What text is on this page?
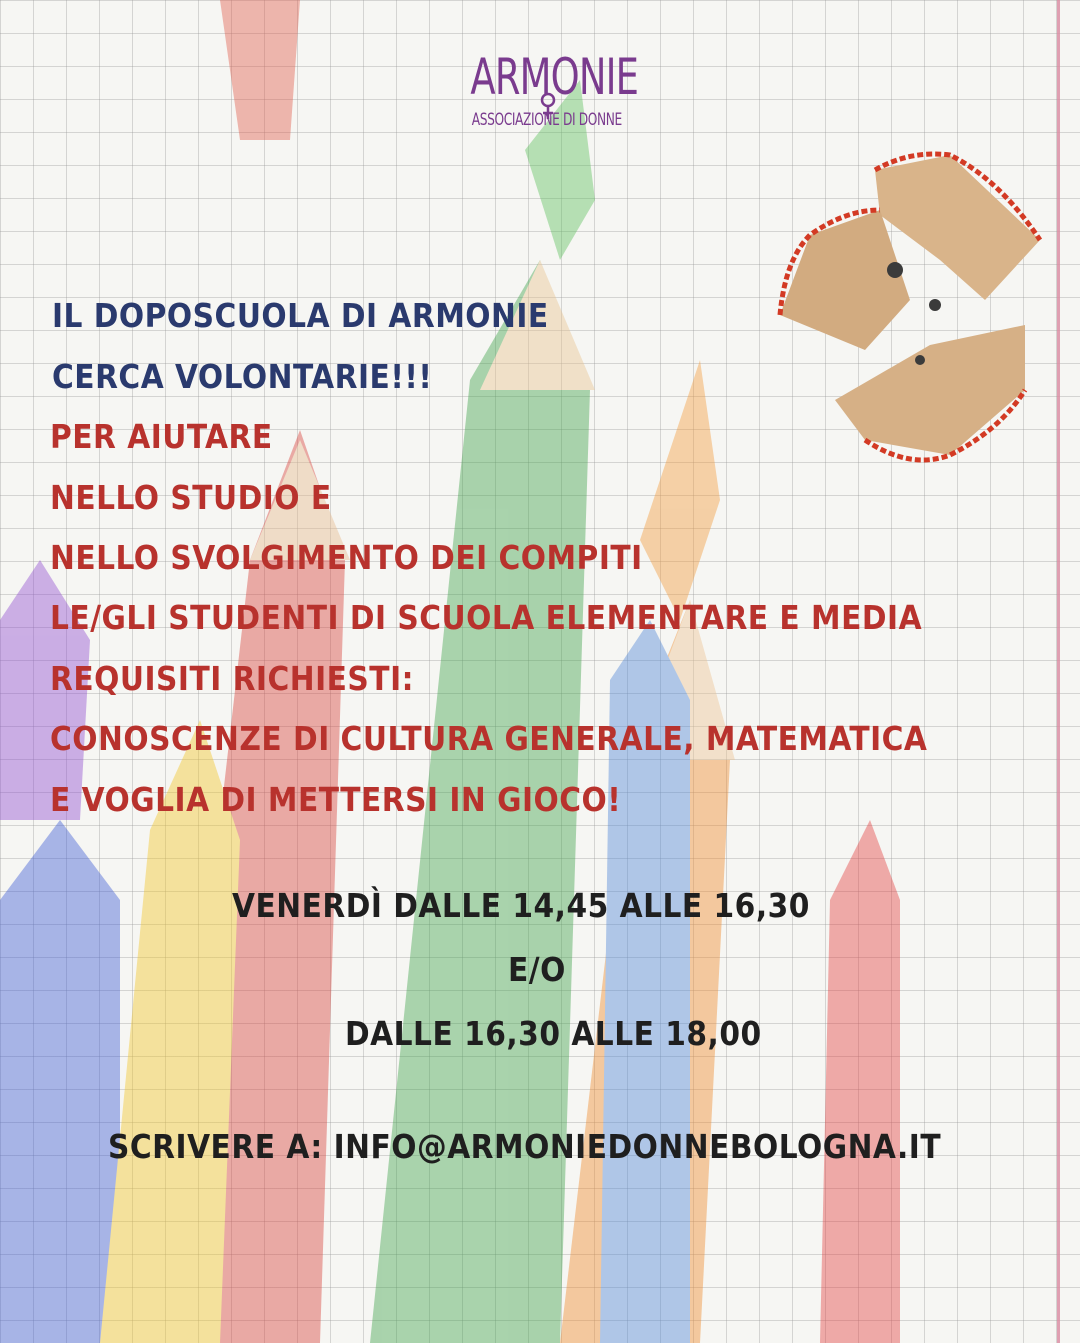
ARMONIE
ASSOCIAZIONE DI DONNE

IL DOPOSCUOLA DI ARMONIE

CERCA VOLONTARIE!!!

PER AIUTARE

NELLO STUDIO E

NELLO SVOLGIMENTO DEI COMPITI

LE/GLI STUDENTI DI SCUOLA ELEMENTARE E MEDIA

REQUISITI RICHIESTI:

CONOSCENZE DI CULTURA GENERALE, MATEMATICA

E VOGLIA DI METTERSI IN GIOCO!

VENERDÌ DALLE 14,45 ALLE 16,30

E/O

DALLE 16,30 ALLE 18,00

SCRIVERE A: INFO@ARMONIEDONNEBOLOGNA.IT
